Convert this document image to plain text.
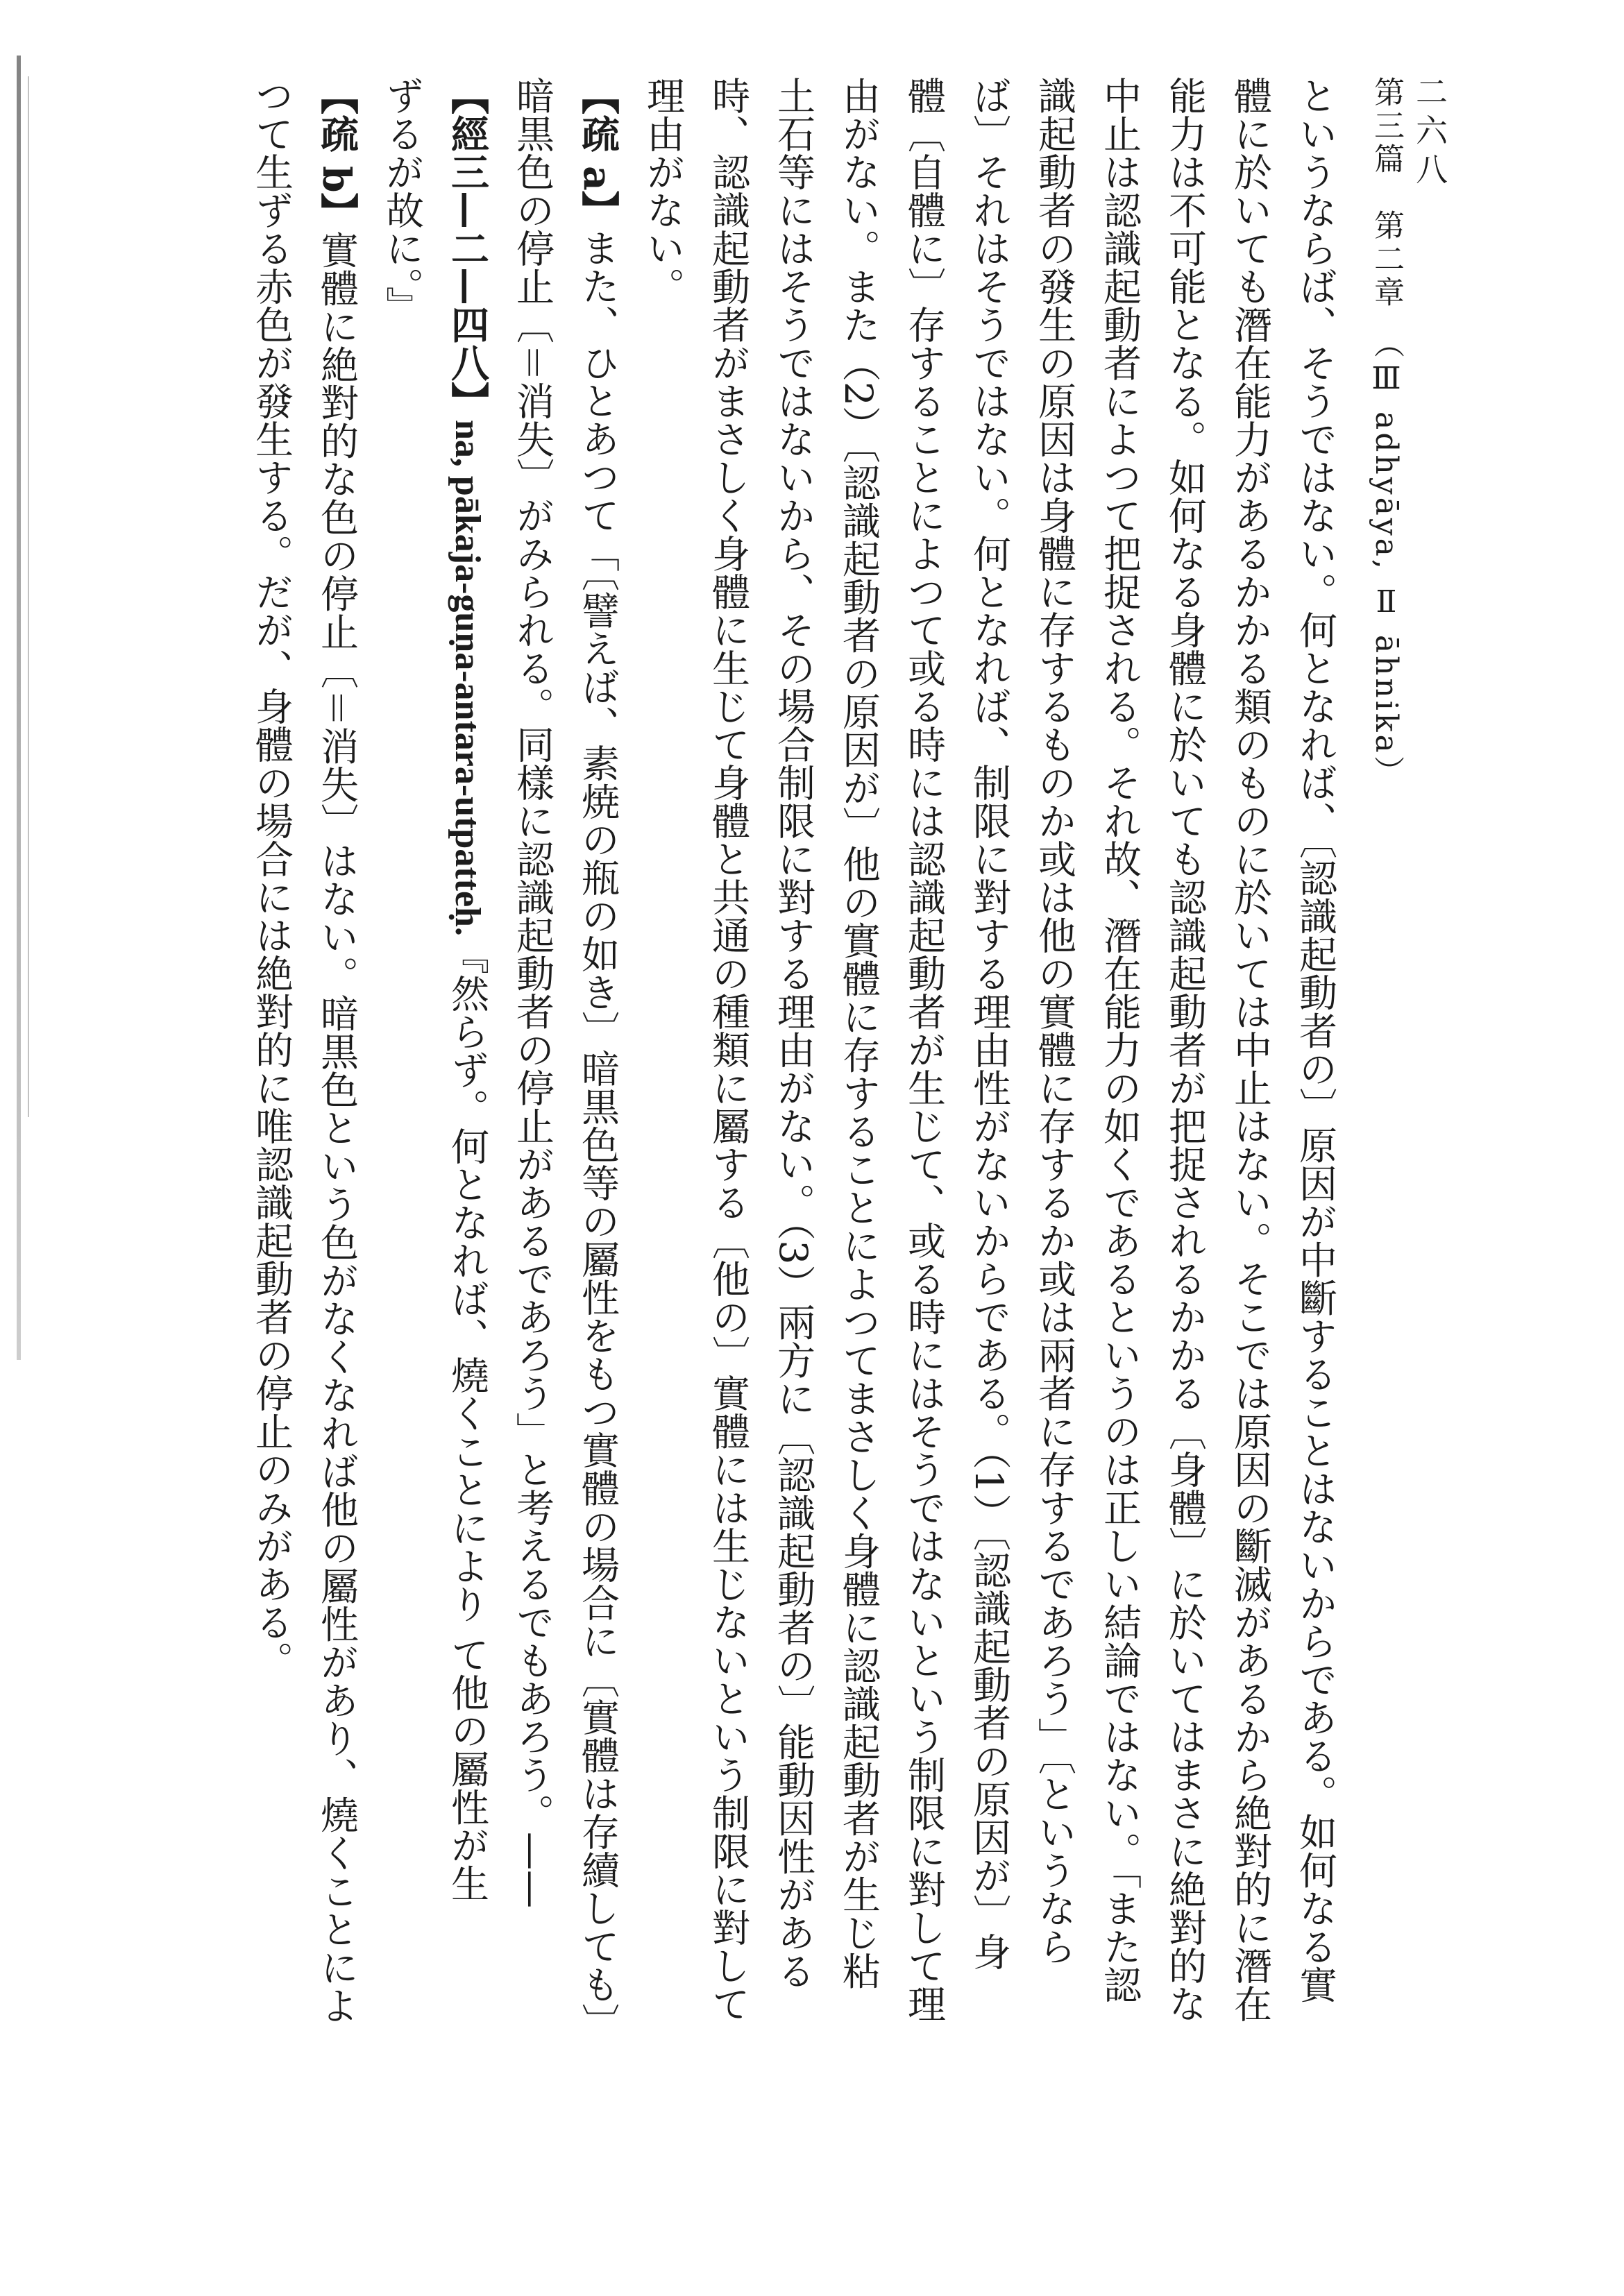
二六八
第三篇　第二章　（Ⅲ adhyāya, Ⅱ āhnika）
というならば、そうではない。何となれば、〔認識起動者の〕原因が中斷することはないからである。如何なる實
體に於いても潛在能力があるかかる類のものに於いては中止はない。そこでは原因の斷滅があるから絶對的に潛在
能力は不可能となる。如何なる身體に於いても認識起動者が把捉されるかかる〔身體〕に於いてはまさに絶對的な
中止は認識起動者によつて把捉される。それ故、潛在能力の如くであるというのは正しい結論ではない。「また認
識起動者の發生の原因は身體に存するものか或は他の實體に存するか或は兩者に存するであろう」〔というなら
ば〕それはそうではない。何となれば、制限に對する理由性がないからである。（1）〔認識起動者の原因が〕身
體〔自體に〕存することによつて或る時には認識起動者が生じて、或る時にはそうではないという制限に對して理
由がない。また（2）〔認識起動者の原因が〕他の實體に存することによつてまさしく身體に認識起動者が生じ粘
土石等にはそうではないから、その場合制限に對する理由がない。（3）兩方に〔認識起動者の〕能動因性がある
時、認識起動者がまさしく身體に生じて身體と共通の種類に屬する〔他の〕實體には生じないという制限に對して
理由がない。
【疏 a】また、ひとあつて「〔譬えば、素焼の瓶の如き〕暗黒色等の屬性をもつ實體の場合に〔實體は存續しても〕
暗黒色の停止〔＝消失〕がみられる。同樣に認識起動者の停止があるであろう」と考えるでもあろう。——
【經三—二—四八】na, pākaja-guṇa-antara-utpatteḥ.『然らず。何となれば、燒くことにより て他の屬性が生
ずるが故に。』
【疏 b】實體に絶對的な色の停止〔＝消失〕はない。暗黒色という色がなくなれば他の屬性があり、燒くことによ
つて生ずる赤色が發生する。だが、身體の場合には絶對的に唯認識起動者の停止のみがある。
